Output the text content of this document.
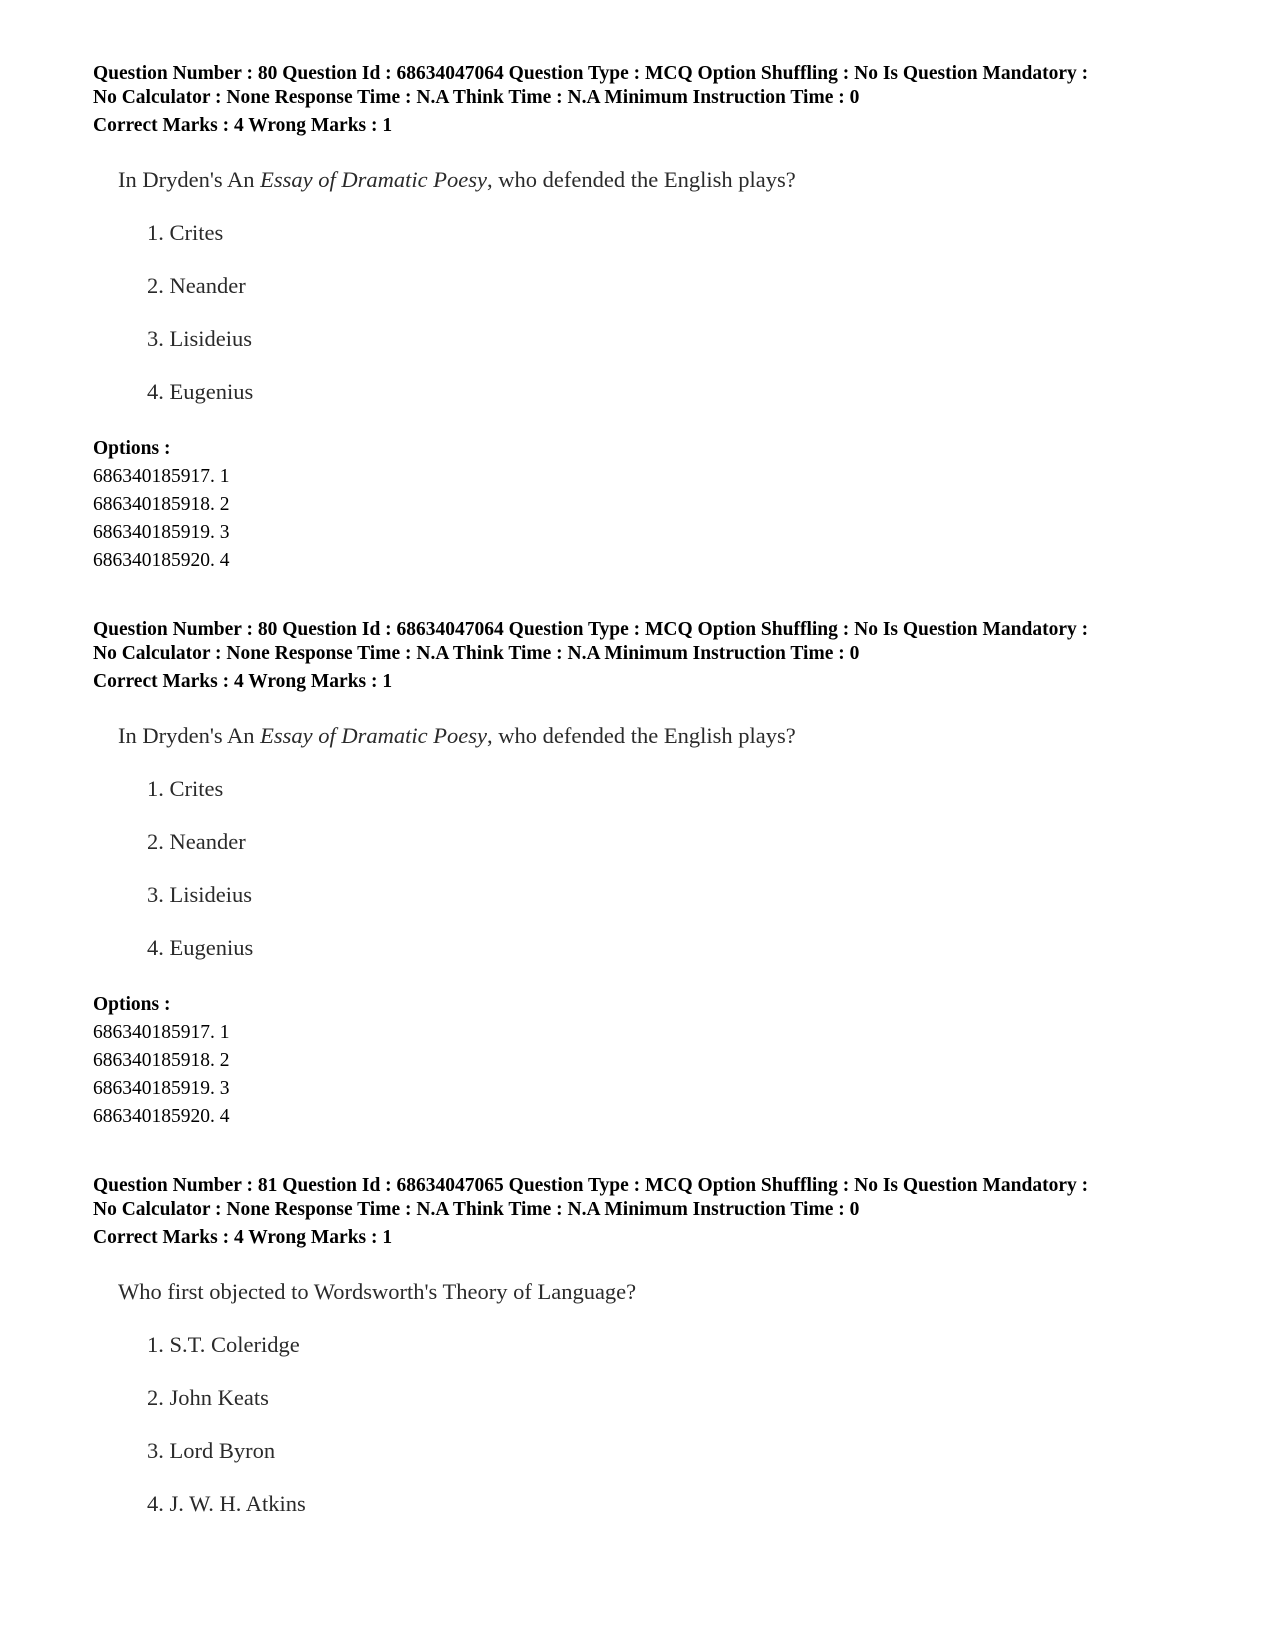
Question Number : 80 Question Id : 68634047064 Question Type : MCQ Option Shuffling : No Is Question Mandatory :

No Calculator : None Response Time : N.A Think Time : N.A Minimum Instruction Time : 0

Correct Marks : 4 Wrong Marks : 1

In Dryden's An Essay of Dramatic Poesy, who defended the English plays?
1. Crites
2. Neander
3. Lisideius
4. Eugenius
Options :
686340185917. 1
686340185918. 2
686340185919. 3
686340185920. 4

Question Number : 80 Question Id : 68634047064 Question Type : MCQ Option Shuffling : No Is Question Mandatory :

No Calculator : None Response Time : N.A Think Time : N.A Minimum Instruction Time : 0

Correct Marks : 4 Wrong Marks : 1

In Dryden's An Essay of Dramatic Poesy, who defended the English plays?
1. Crites
2. Neander
3. Lisideius
4. Eugenius
Options :
686340185917. 1
686340185918. 2
686340185919. 3
686340185920. 4

Question Number : 81 Question Id : 68634047065 Question Type : MCQ Option Shuffling : No Is Question Mandatory :

No Calculator : None Response Time : N.A Think Time : N.A Minimum Instruction Time : 0

Correct Marks : 4 Wrong Marks : 1

Who first objected to Wordsworth's Theory of Language?
1. S.T. Coleridge
2. John Keats
3. Lord Byron
4. J. W. H. Atkins
